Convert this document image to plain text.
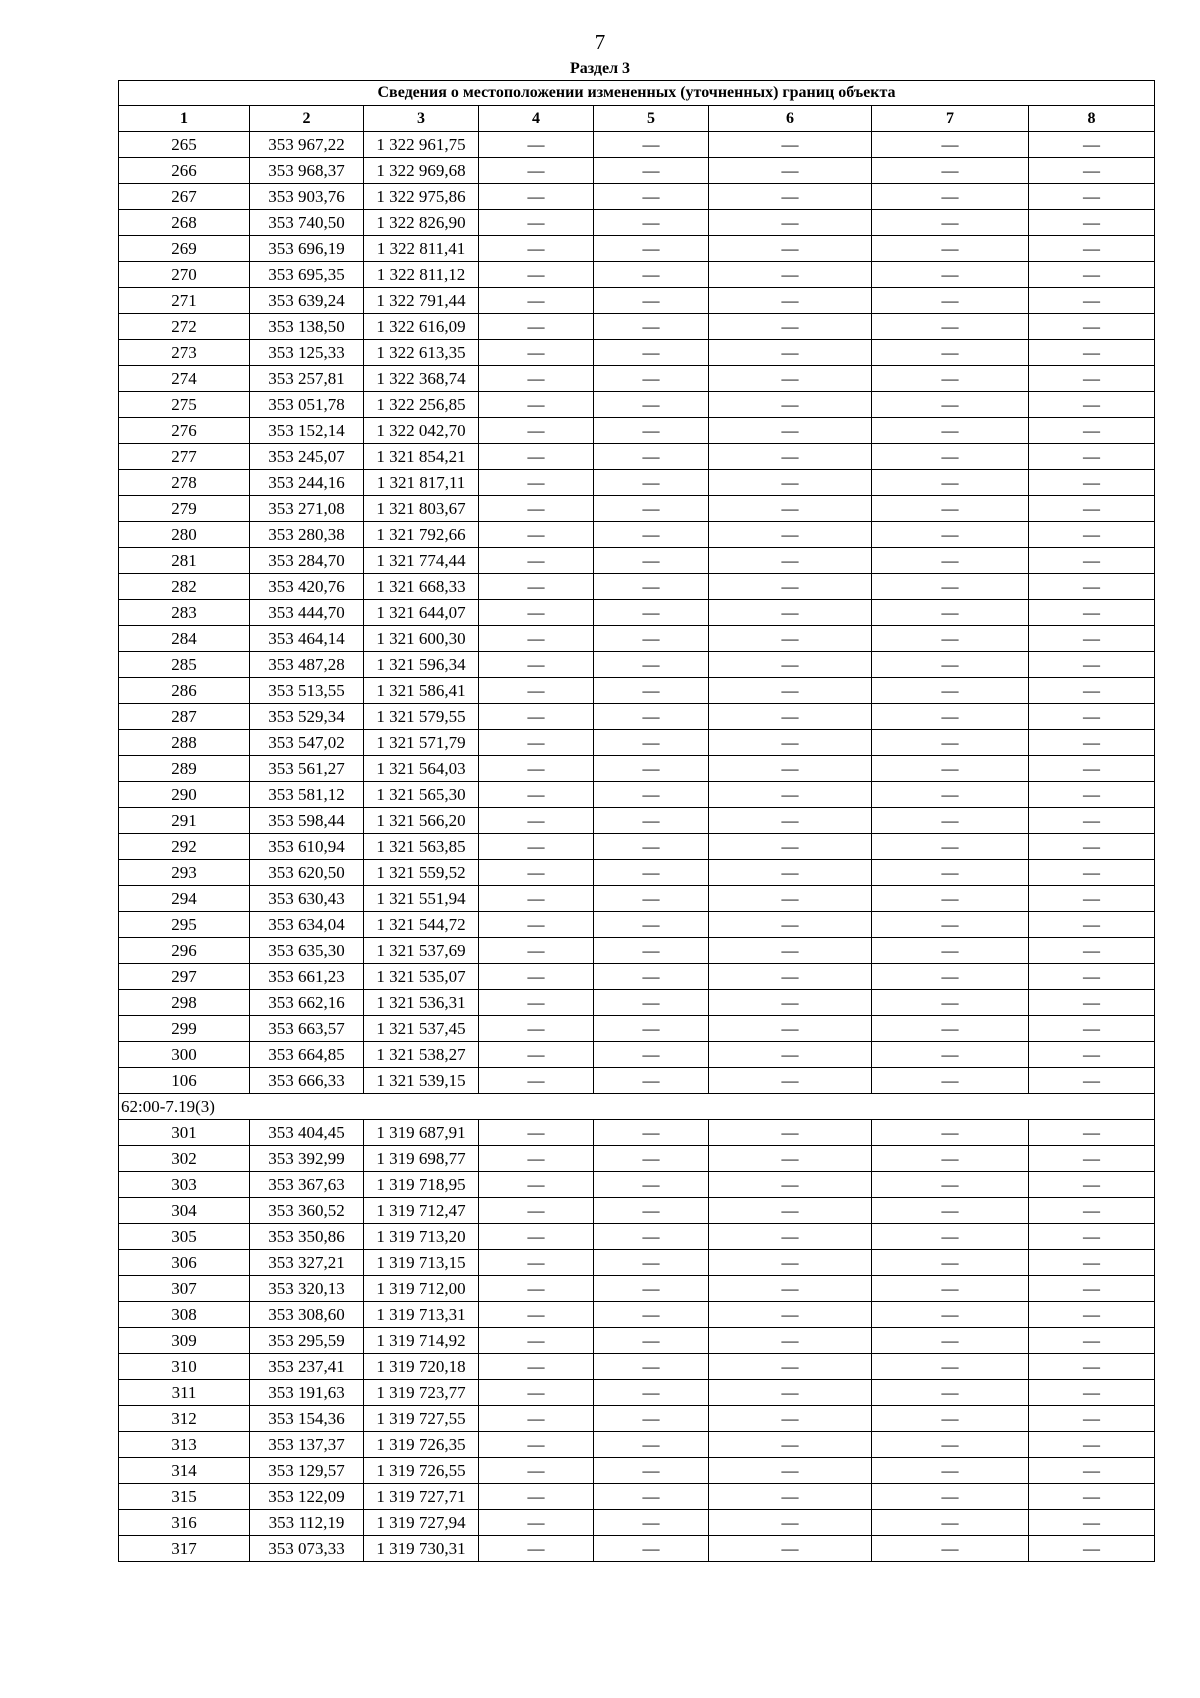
7
Раздел 3
Сведения о местоположении измененных (уточненных) границ объекта							
1	2	3	4	5	6	7	8
265	353 967,22	1 322 961,75	—	—	—	—	—
266	353 968,37	1 322 969,68	—	—	—	—	—
267	353 903,76	1 322 975,86	—	—	—	—	—
268	353 740,50	1 322 826,90	—	—	—	—	—
269	353 696,19	1 322 811,41	—	—	—	—	—
270	353 695,35	1 322 811,12	—	—	—	—	—
271	353 639,24	1 322 791,44	—	—	—	—	—
272	353 138,50	1 322 616,09	—	—	—	—	—
273	353 125,33	1 322 613,35	—	—	—	—	—
274	353 257,81	1 322 368,74	—	—	—	—	—
275	353 051,78	1 322 256,85	—	—	—	—	—
276	353 152,14	1 322 042,70	—	—	—	—	—
277	353 245,07	1 321 854,21	—	—	—	—	—
278	353 244,16	1 321 817,11	—	—	—	—	—
279	353 271,08	1 321 803,67	—	—	—	—	—
280	353 280,38	1 321 792,66	—	—	—	—	—
281	353 284,70	1 321 774,44	—	—	—	—	—
282	353 420,76	1 321 668,33	—	—	—	—	—
283	353 444,70	1 321 644,07	—	—	—	—	—
284	353 464,14	1 321 600,30	—	—	—	—	—
285	353 487,28	1 321 596,34	—	—	—	—	—
286	353 513,55	1 321 586,41	—	—	—	—	—
287	353 529,34	1 321 579,55	—	—	—	—	—
288	353 547,02	1 321 571,79	—	—	—	—	—
289	353 561,27	1 321 564,03	—	—	—	—	—
290	353 581,12	1 321 565,30	—	—	—	—	—
291	353 598,44	1 321 566,20	—	—	—	—	—
292	353 610,94	1 321 563,85	—	—	—	—	—
293	353 620,50	1 321 559,52	—	—	—	—	—
294	353 630,43	1 321 551,94	—	—	—	—	—
295	353 634,04	1 321 544,72	—	—	—	—	—
296	353 635,30	1 321 537,69	—	—	—	—	—
297	353 661,23	1 321 535,07	—	—	—	—	—
298	353 662,16	1 321 536,31	—	—	—	—	—
299	353 663,57	1 321 537,45	—	—	—	—	—
300	353 664,85	1 321 538,27	—	—	—	—	—
106	353 666,33	1 321 539,15	—	—	—	—	—
62:00-7.19(3)							
301	353 404,45	1 319 687,91	—	—	—	—	—
302	353 392,99	1 319 698,77	—	—	—	—	—
303	353 367,63	1 319 718,95	—	—	—	—	—
304	353 360,52	1 319 712,47	—	—	—	—	—
305	353 350,86	1 319 713,20	—	—	—	—	—
306	353 327,21	1 319 713,15	—	—	—	—	—
307	353 320,13	1 319 712,00	—	—	—	—	—
308	353 308,60	1 319 713,31	—	—	—	—	—
309	353 295,59	1 319 714,92	—	—	—	—	—
310	353 237,41	1 319 720,18	—	—	—	—	—
311	353 191,63	1 319 723,77	—	—	—	—	—
312	353 154,36	1 319 727,55	—	—	—	—	—
313	353 137,37	1 319 726,35	—	—	—	—	—
314	353 129,57	1 319 726,55	—	—	—	—	—
315	353 122,09	1 319 727,71	—	—	—	—	—
316	353 112,19	1 319 727,94	—	—	—	—	—
317	353 073,33	1 319 730,31	—	—	—	—	—
